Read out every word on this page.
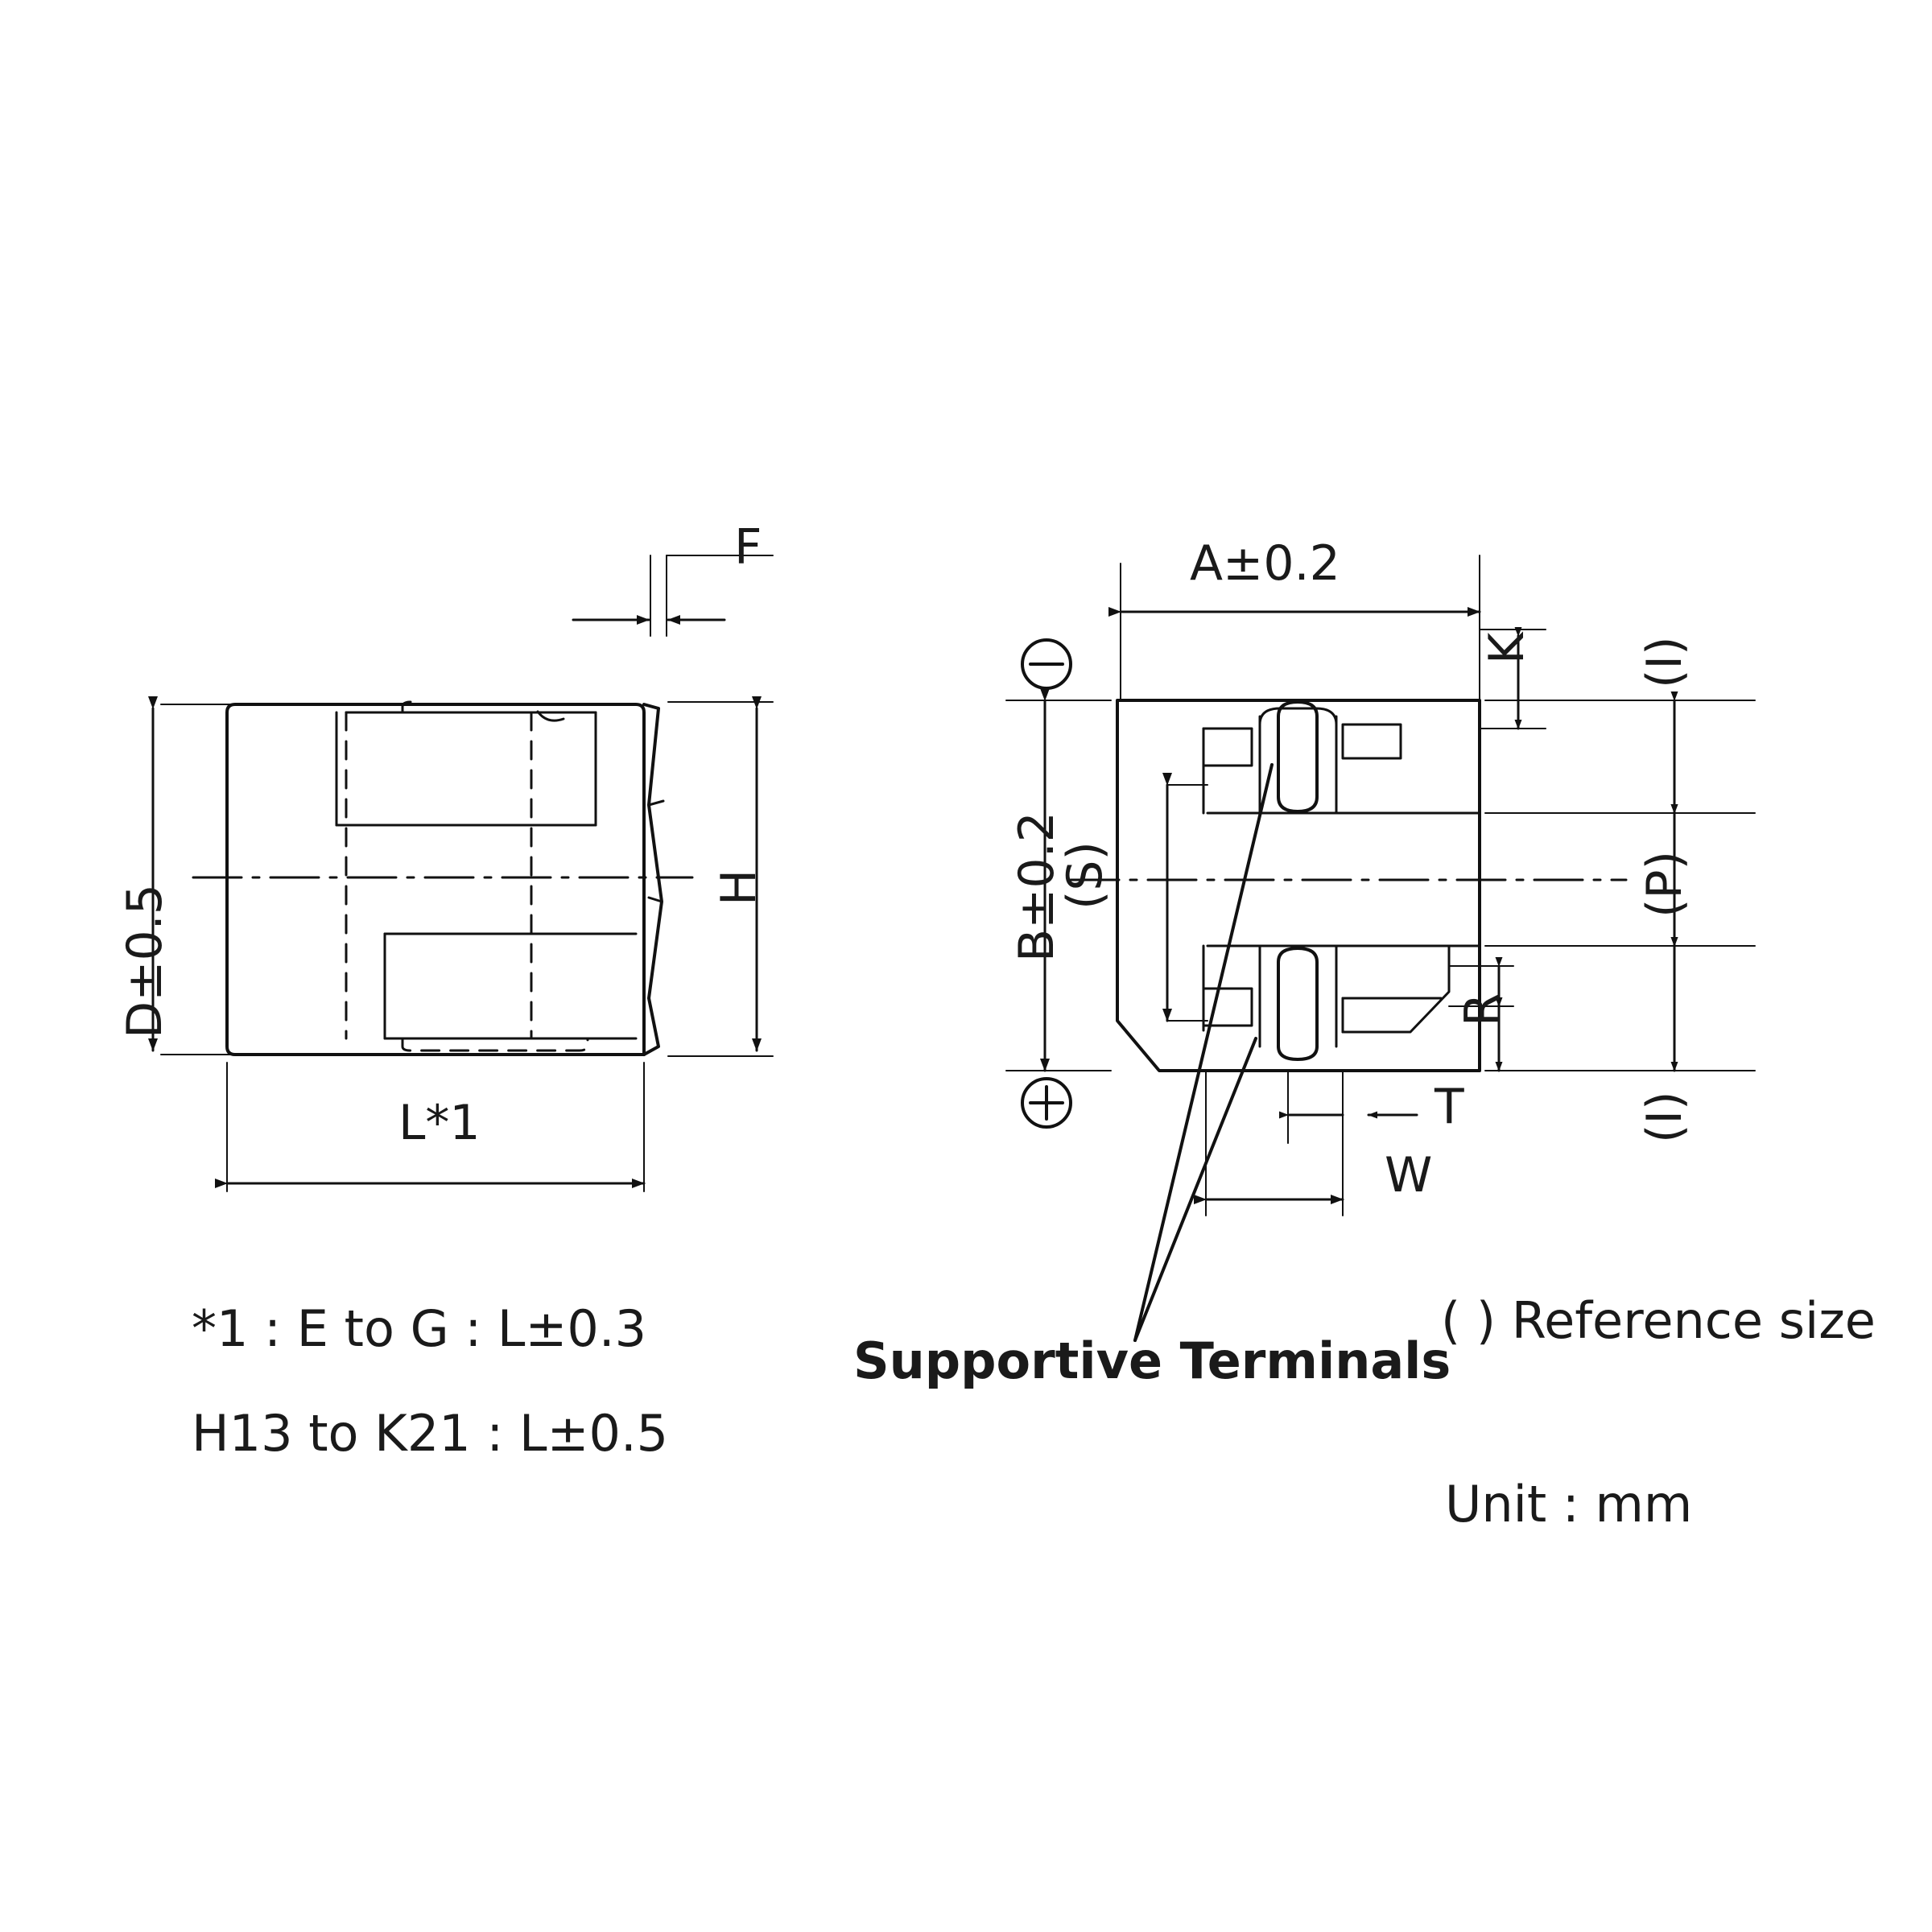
D±0.5
L*1
H
F	A±0.2
B±0.2
K
(S)
(I)
(P)
(I)
R
T
W
*1 : E to G : L±0.3
H13 to K21 : L±0.5
Supportive Terminals
( ) Reference size
Unit : mm
